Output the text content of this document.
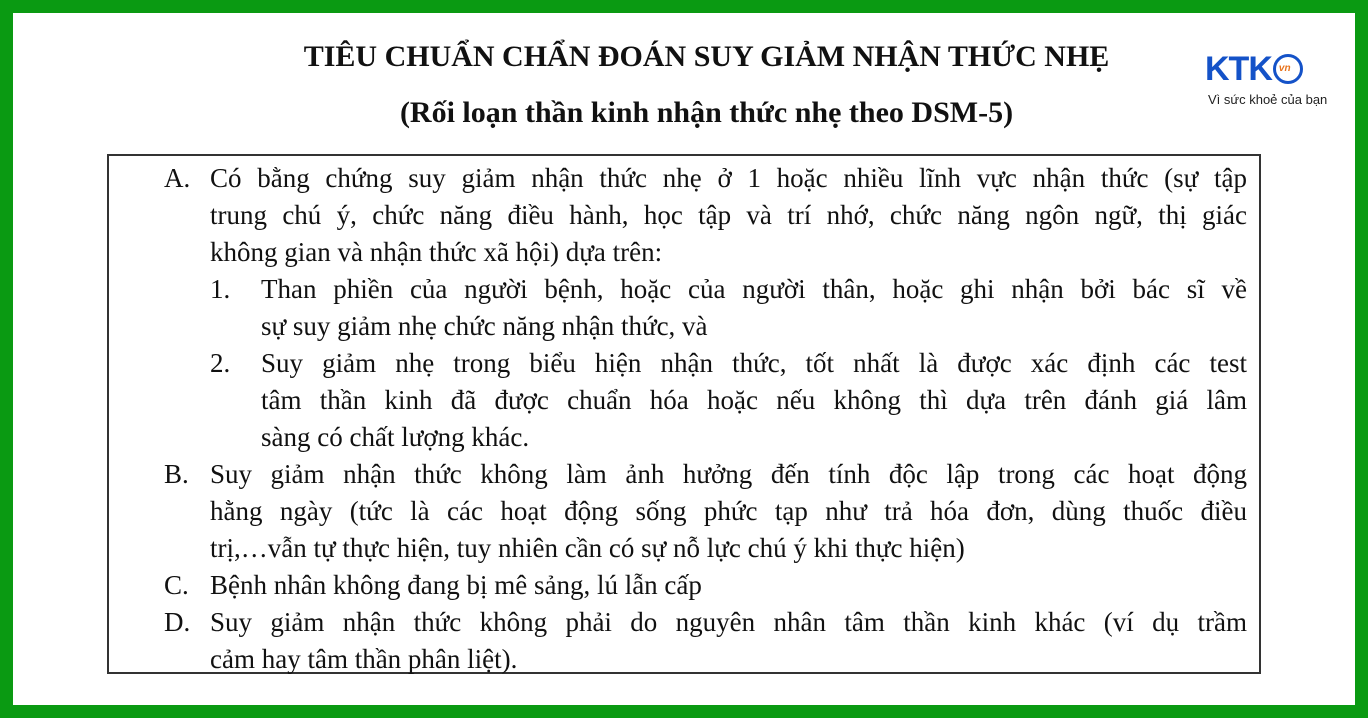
TIÊU CHUẨN CHẨN ĐOÁN SUY GIẢM NHẬN THỨC NHẸ
(Rối loạn thần kinh nhận thức nhẹ theo DSM-5)
KTK vn
Vì sức khoẻ của bạn
A. Có bằng chứng suy giảm nhận thức nhẹ ở 1 hoặc nhiều lĩnh vực nhận thức (sự tập
trung chú ý, chức năng điều hành, học tập và trí nhớ, chức năng ngôn ngữ, thị giác
không gian và nhận thức xã hội) dựa trên:
1. Than phiền của người bệnh, hoặc của người thân, hoặc ghi nhận bởi bác sĩ về
sự suy giảm nhẹ chức năng nhận thức, và
2. Suy giảm nhẹ trong biểu hiện nhận thức, tốt nhất là được xác định các test
tâm thần kinh đã được chuẩn hóa hoặc nếu không thì dựa trên đánh giá lâm
sàng có chất lượng khác.
B. Suy giảm nhận thức không làm ảnh hưởng đến tính độc lập trong các hoạt động
hằng ngày (tức là các hoạt động sống phức tạp như trả hóa đơn, dùng thuốc điều
trị,…vẫn tự thực hiện, tuy nhiên cần có sự nỗ lực chú ý khi thực hiện)
C. Bệnh nhân không đang bị mê sảng, lú lẫn cấp
D. Suy giảm nhận thức không phải do nguyên nhân tâm thần kinh khác (ví dụ trầm
cảm hay tâm thần phân liệt).
